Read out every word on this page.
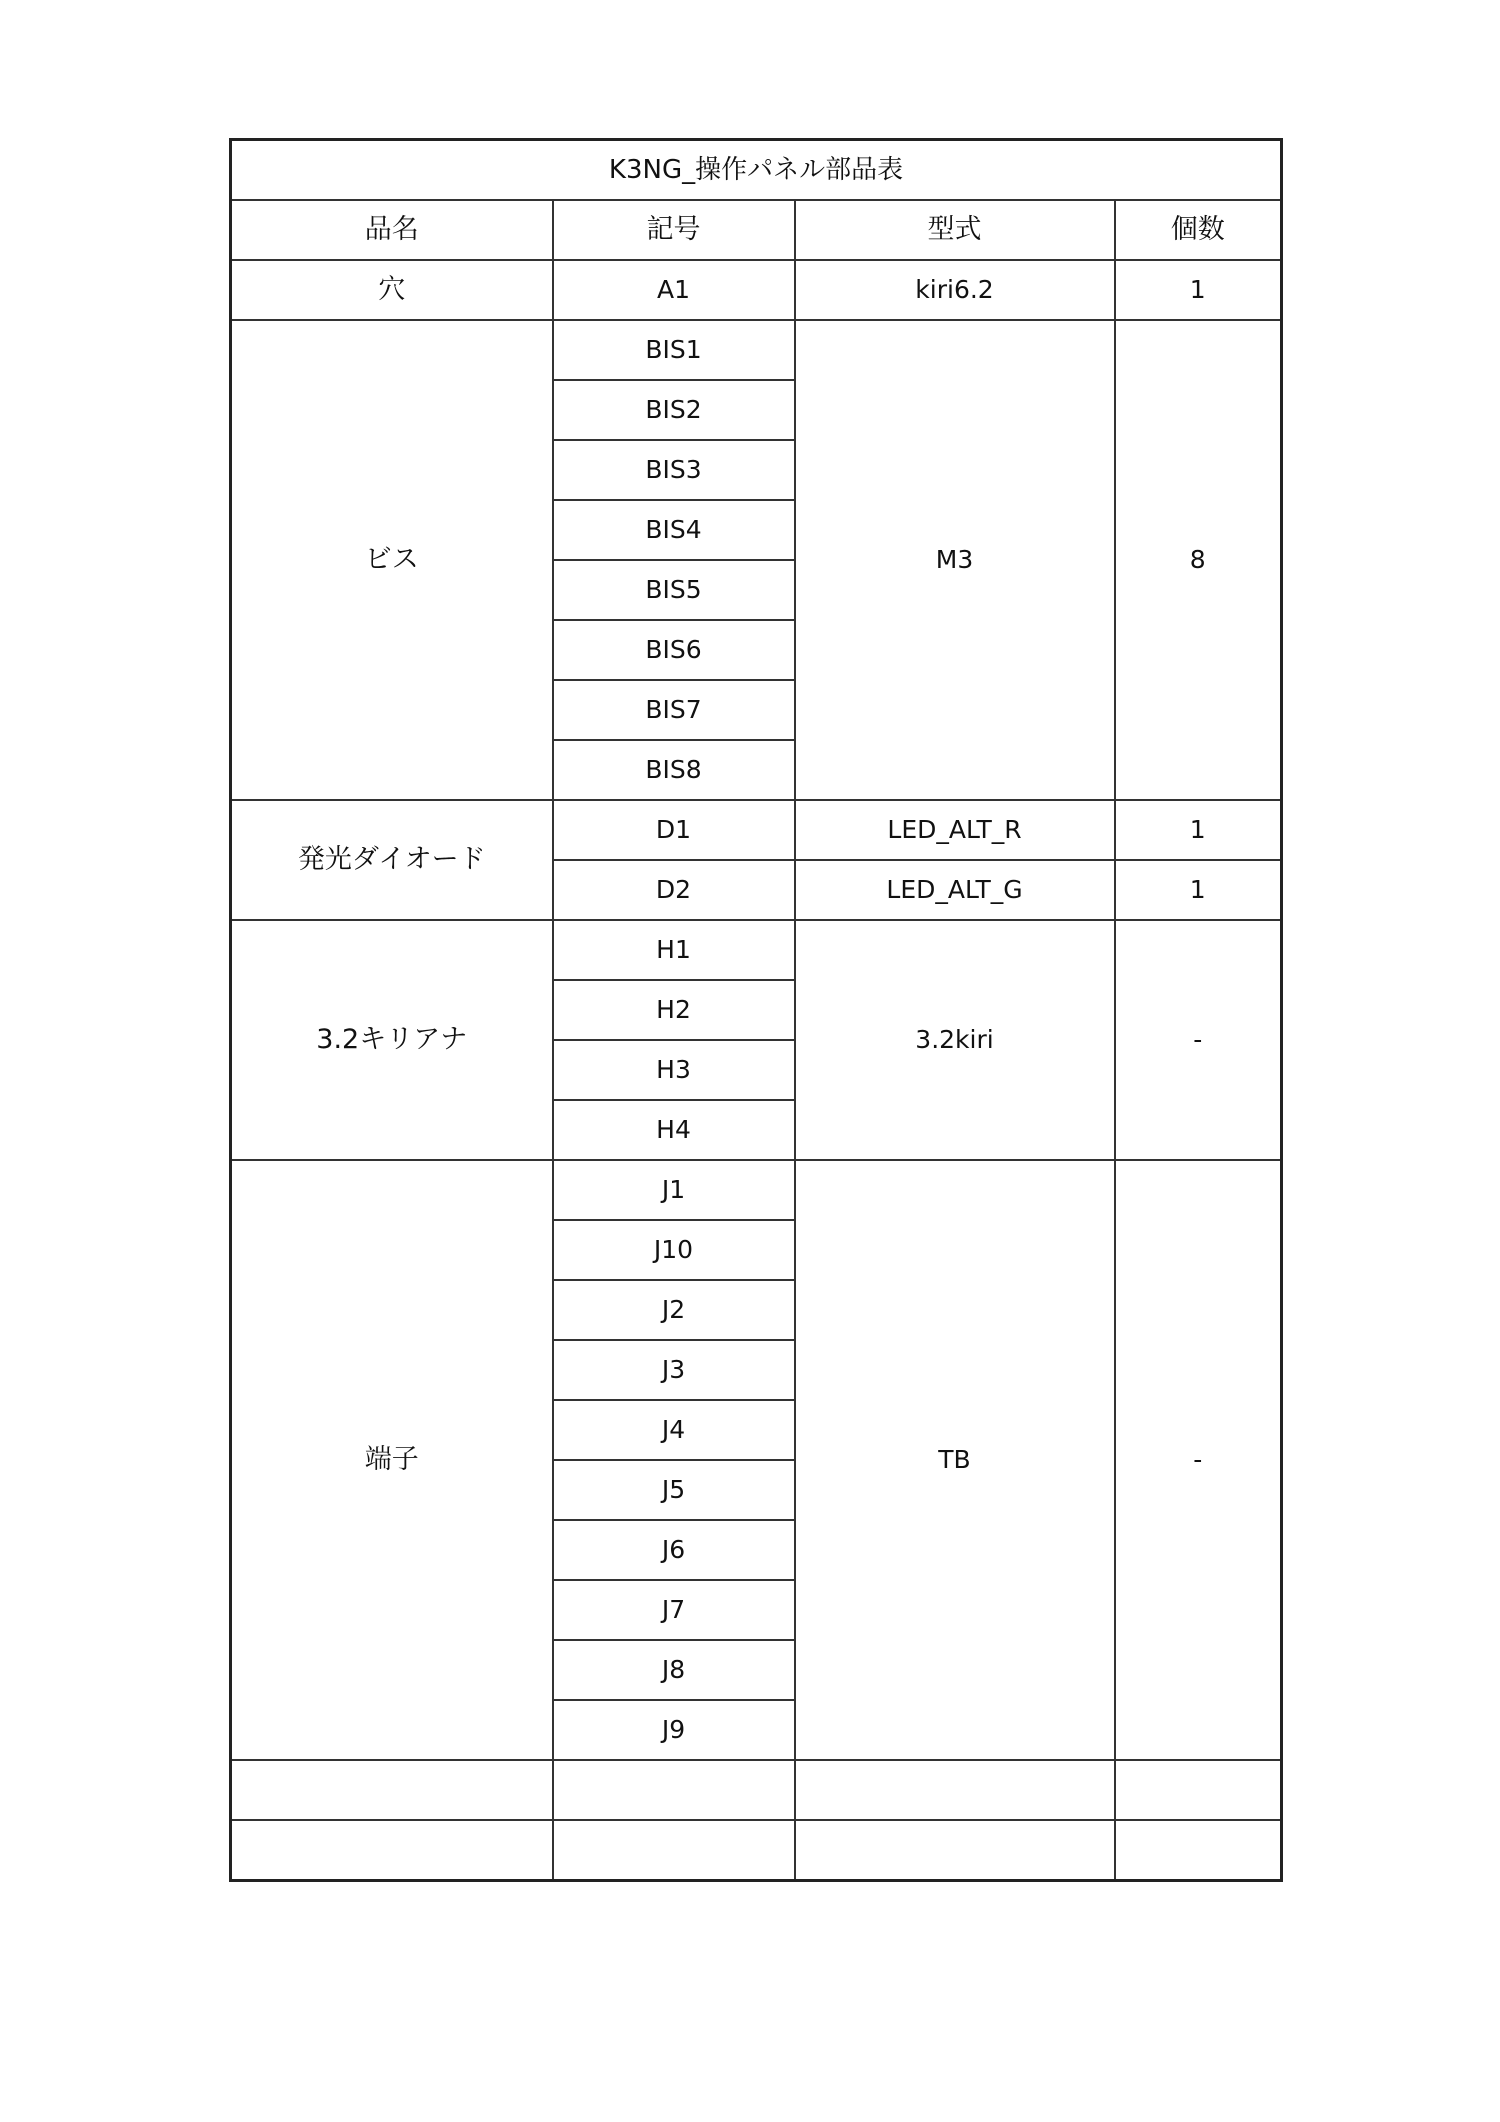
K3NG_操作パネル部品表			
品名	記号	型式	個数
穴	A1	kiri6.2	1
ビス	BIS1	M3	8
	BIS2		
	BIS3		
	BIS4		
	BIS5		
	BIS6		
	BIS7		
	BIS8		
発光ダイオード	D1	LED_ALT_R	1
	D2	LED_ALT_G	1
3.2キリアナ	H1	3.2kiri	-
	H2		
	H3		
	H4		
端子	J1	TB	-
	J10		
	J2		
	J3		
	J4		
	J5		
	J6		
	J7		
	J8		
	J9		
